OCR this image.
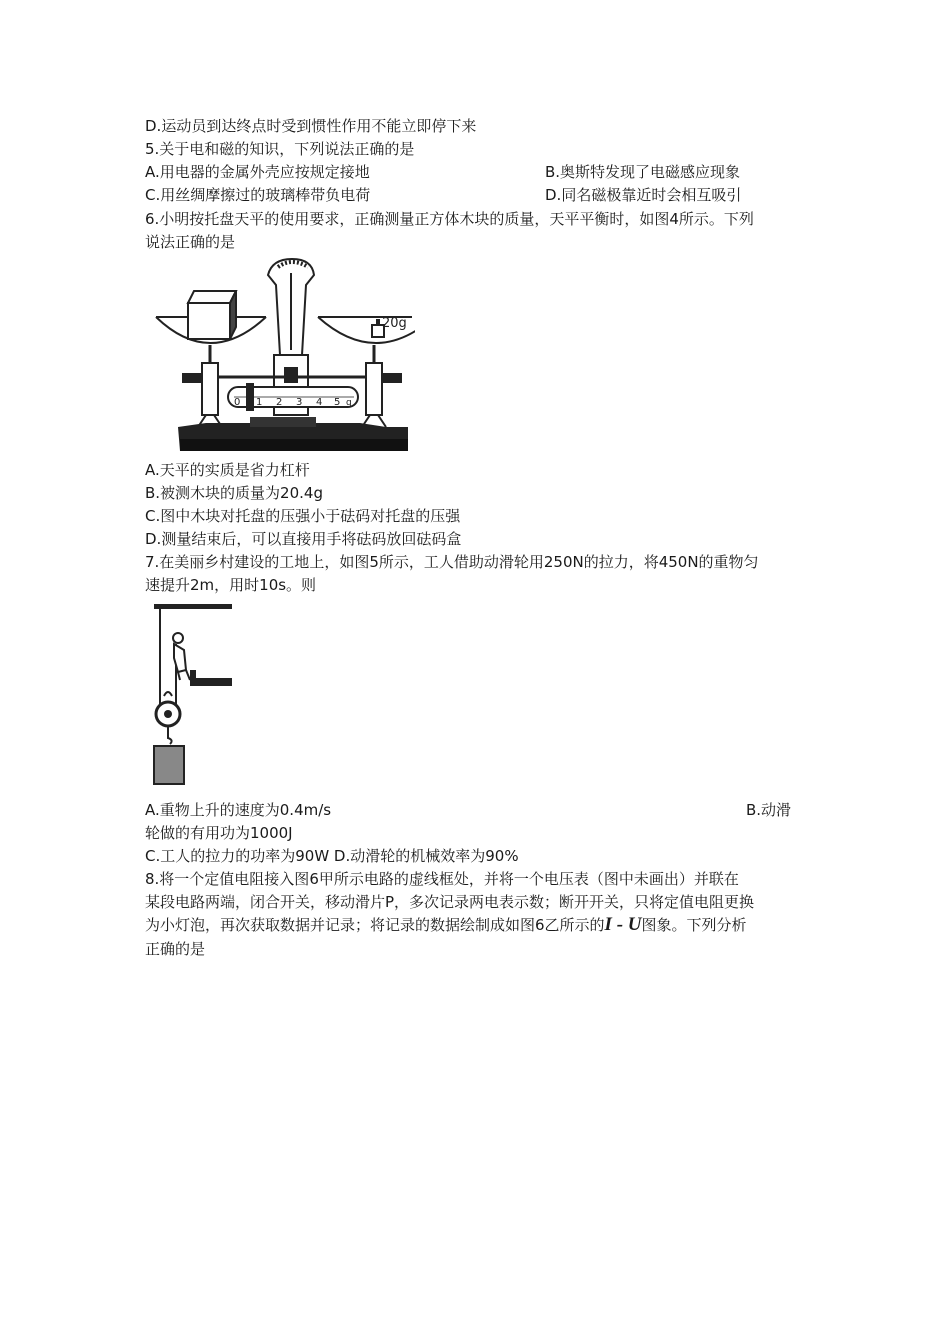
D.运动员到达终点时受到惯性作用不能立即停下来
5.关于电和磁的知识，下列说法正确的是
A.用电器的金属外壳应按规定接地	B.奥斯特发现了电磁感应现象
C.用丝绸摩擦过的玻璃棒带负电荷	D.同名磁极靠近时会相互吸引
6.小明按托盘天平的使用要求，正确测量正方体木块的质量，天平平衡时，如图4所示。下列
说法正确的是
0 1 2 3 4 5 g
20g
A.天平的实质是省力杠杆
B.被测木块的质量为20.4g
C.图中木块对托盘的压强小于砝码对托盘的压强
D.测量结束后，可以直接用手将砝码放回砝码盒
7.在美丽乡村建设的工地上，如图5所示，工人借助动滑轮用250N的拉力，将450N的重物匀
速提升2m，用时10s。则
A.重物上升的速度为0.4m/s	B.动滑
轮做的有用功为1000J
C.工人的拉力的功率为90W D.动滑轮的机械效率为90%
8.将一个定值电阻接入图6甲所示电路的虚线框处，并将一个电压表（图中未画出）并联在
某段电路两端，闭合开关，移动滑片P，多次记录两电表示数；断开开关，只将定值电阻更换
为小灯泡，再次获取数据并记录；将记录的数据绘制成如图6乙所示的I - U图象。下列分析
正确的是
